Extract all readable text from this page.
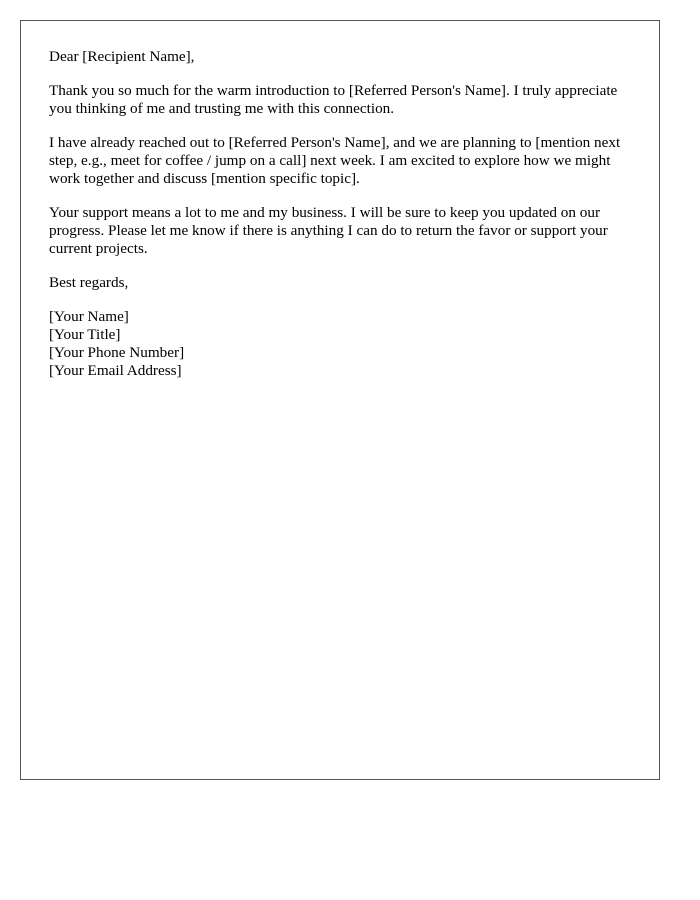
Dear [Recipient Name],

Thank you so much for the warm introduction to [Referred Person's Name]. I truly appreciate you thinking of me and trusting me with this connection.

I have already reached out to [Referred Person's Name], and we are planning to [mention next step, e.g., meet for coffee / jump on a call] next week. I am excited to explore how we might work together and discuss [mention specific topic].

Your support means a lot to me and my business. I will be sure to keep you updated on our progress. Please let me know if there is anything I can do to return the favor or support your current projects.

Best regards,

[Your Name]
[Your Title]
[Your Phone Number]
[Your Email Address]
